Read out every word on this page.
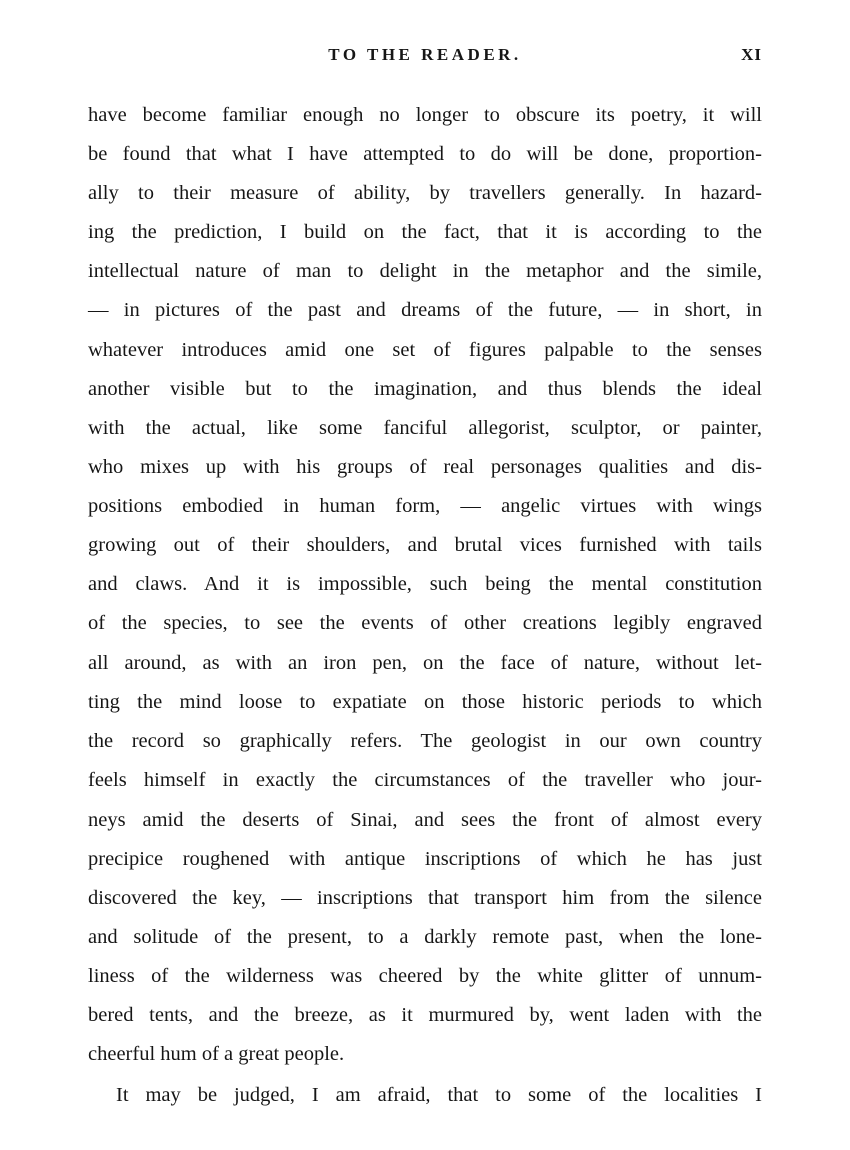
TO THE READER.	XI
have become familiar enough no longer to obscure its poetry, it will
be found that what I have attempted to do will be done, proportion-
ally to their measure of ability, by travellers generally. In hazard-
ing the prediction, I build on the fact, that it is according to the
intellectual nature of man to delight in the metaphor and the simile,
— in pictures of the past and dreams of the future, — in short, in
whatever introduces amid one set of figures palpable to the senses
another visible but to the imagination, and thus blends the ideal
with the actual, like some fanciful allegorist, sculptor, or painter,
who mixes up with his groups of real personages qualities and dis-
positions embodied in human form, — angelic virtues with wings
growing out of their shoulders, and brutal vices furnished with tails
and claws. And it is impossible, such being the mental constitution
of the species, to see the events of other creations legibly engraved
all around, as with an iron pen, on the face of nature, without let-
ting the mind loose to expatiate on those historic periods to which
the record so graphically refers. The geologist in our own country
feels himself in exactly the circumstances of the traveller who jour-
neys amid the deserts of Sinai, and sees the front of almost every
precipice roughened with antique inscriptions of which he has just
discovered the key, — inscriptions that transport him from the silence
and solitude of the present, to a darkly remote past, when the lone-
liness of the wilderness was cheered by the white glitter of unnum-
bered tents, and the breeze, as it murmured by, went laden with the
cheerful hum of a great people.
It may be judged, I am afraid, that to some of the localities I
